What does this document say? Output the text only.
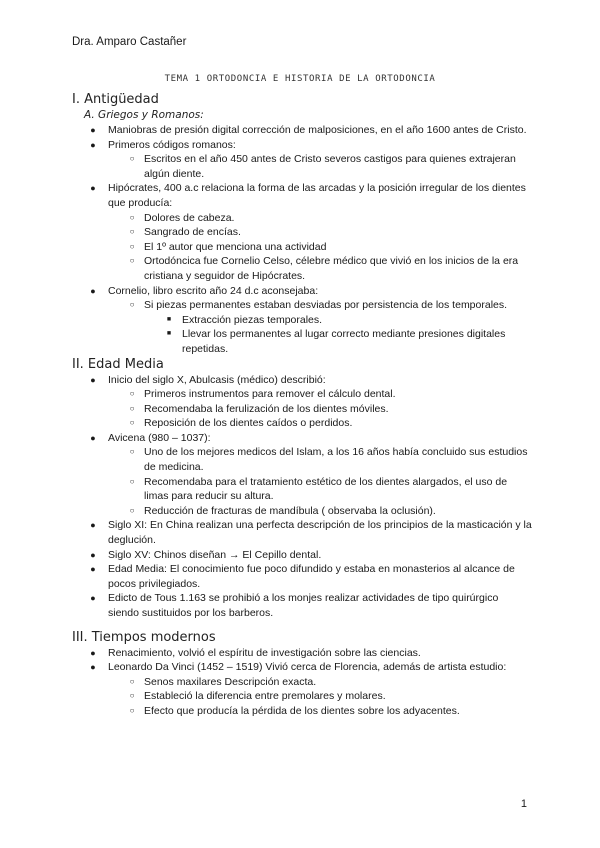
Dra. Amparo Castañer
TEMA 1 ORTODONCIA E HISTORIA DE LA ORTODONCIA
I. Antigüedad
A. Griegos y Romanos:
● Maniobras de presión digital corrección de malposiciones, en el año 1600 antes de Cristo.
● Primeros códigos romanos:
○ Escritos en el año 450 antes de Cristo severos castigos para quienes extrajeran algún diente.
● Hipócrates, 400 a.c relaciona la forma de las arcadas y la posición irregular de los dientes que producía:
○ Dolores de cabeza.
○ Sangrado de encías.
○ El 1º autor que menciona una actividad
○ Ortodóncica fue Cornelio Celso, célebre médico que vivió en los inicios de la era cristiana y seguidor de Hipócrates.
● Cornelio, libro escrito año 24 d.c aconsejaba:
○ Si piezas permanentes estaban desviadas por persistencia de los temporales.
■ Extracción piezas temporales.
■ Llevar los permanentes al lugar correcto mediante presiones digitales repetidas.
II. Edad Media
● Inicio del siglo X, Abulcasis (médico) describió:
○ Primeros instrumentos para remover el cálculo dental.
○ Recomendaba la ferulización de los dientes móviles.
○ Reposición de los dientes caídos o perdidos.
● Avicena (980 – 1037):
○ Uno de los mejores medicos del Islam, a los 16 años había concluido sus estudios de medicina.
○ Recomendaba para el tratamiento estético de los dientes alargados, el uso de limas para reducir su altura.
○ Reducción de fracturas de mandíbula ( observaba la oclusión).
● Siglo XI: En China realizan una perfecta descripción de los principios de la masticación y la deglución.
● Siglo XV: Chinos diseñan → El Cepillo dental.
● Edad Media: El conocimiento fue poco difundido y estaba en monasterios al alcance de pocos privilegiados.
● Edicto de Tous 1.163 se prohibió a los monjes realizar actividades de tipo quirúrgico siendo sustituidos por los barberos.
III. Tiempos modernos
● Renacimiento, volvió el espíritu de investigación sobre las ciencias.
● Leonardo Da Vinci (1452 – 1519) Vivió cerca de Florencia, además de artista estudio:
○ Senos maxilares Descripción exacta.
○ Estableció la diferencia entre premolares y molares.
○ Efecto que producía la pérdida de los dientes sobre los adyacentes.
1
